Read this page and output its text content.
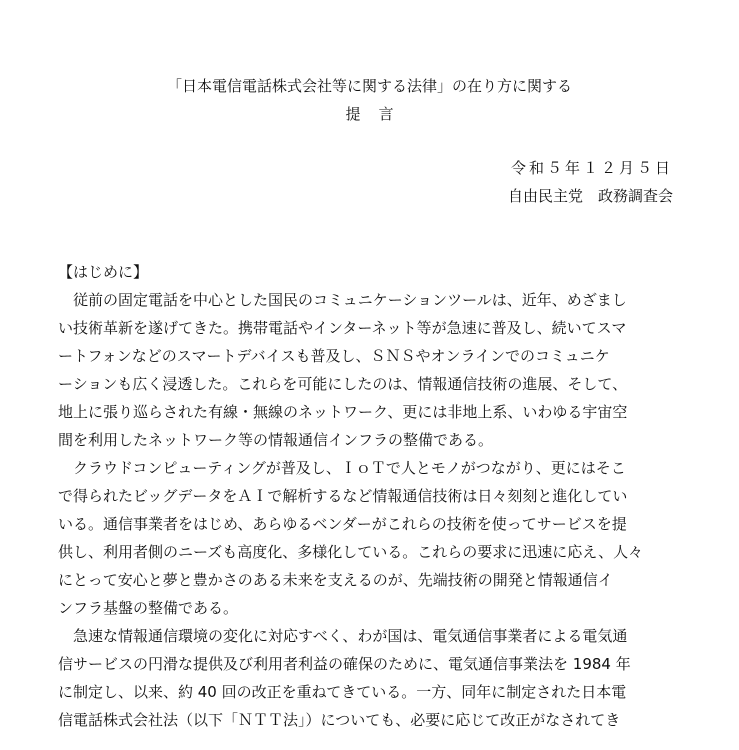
「日本電信電話株式会社等に関する法律」の在り方に関する
提言
令和５年１２月５日
自由民主党　政務調査会
【はじめに】
　従前の固定電話を中心とした国民のコミュニケーションツールは、近年、めざまし
い技術革新を遂げてきた。携帯電話やインターネット等が急速に普及し、続いてスマ
ートフォンなどのスマートデバイスも普及し、ＳＮＳやオンラインでのコミュニケ
ーションも広く浸透した。これらを可能にしたのは、情報通信技術の進展、そして、
地上に張り巡らされた有線・無線のネットワーク、更には非地上系、いわゆる宇宙空
間を利用したネットワーク等の情報通信インフラの整備である。
　クラウドコンピューティングが普及し、ＩｏＴで人とモノがつながり、更にはそこ
で得られたビッグデータをＡＩで解析するなど情報通信技術は日々刻刻と進化してい
いる。通信事業者をはじめ、あらゆるベンダーがこれらの技術を使ってサービスを提
供し、利用者側のニーズも高度化、多様化している。これらの要求に迅速に応え、人々
にとって安心と夢と豊かさのある未来を支えるのが、先端技術の開発と情報通信イ
ンフラ基盤の整備である。
　急速な情報通信環境の変化に対応すべく、わが国は、電気通信事業者による電気通
信サービスの円滑な提供及び利用者利益の確保のために、電気通信事業法を 1984 年
に制定し、以来、約 40 回の改正を重ねてきている。一方、同年に制定された日本電
信電話株式会社法（以下「ＮＴＴ法」）についても、必要に応じて改正がなされてき
